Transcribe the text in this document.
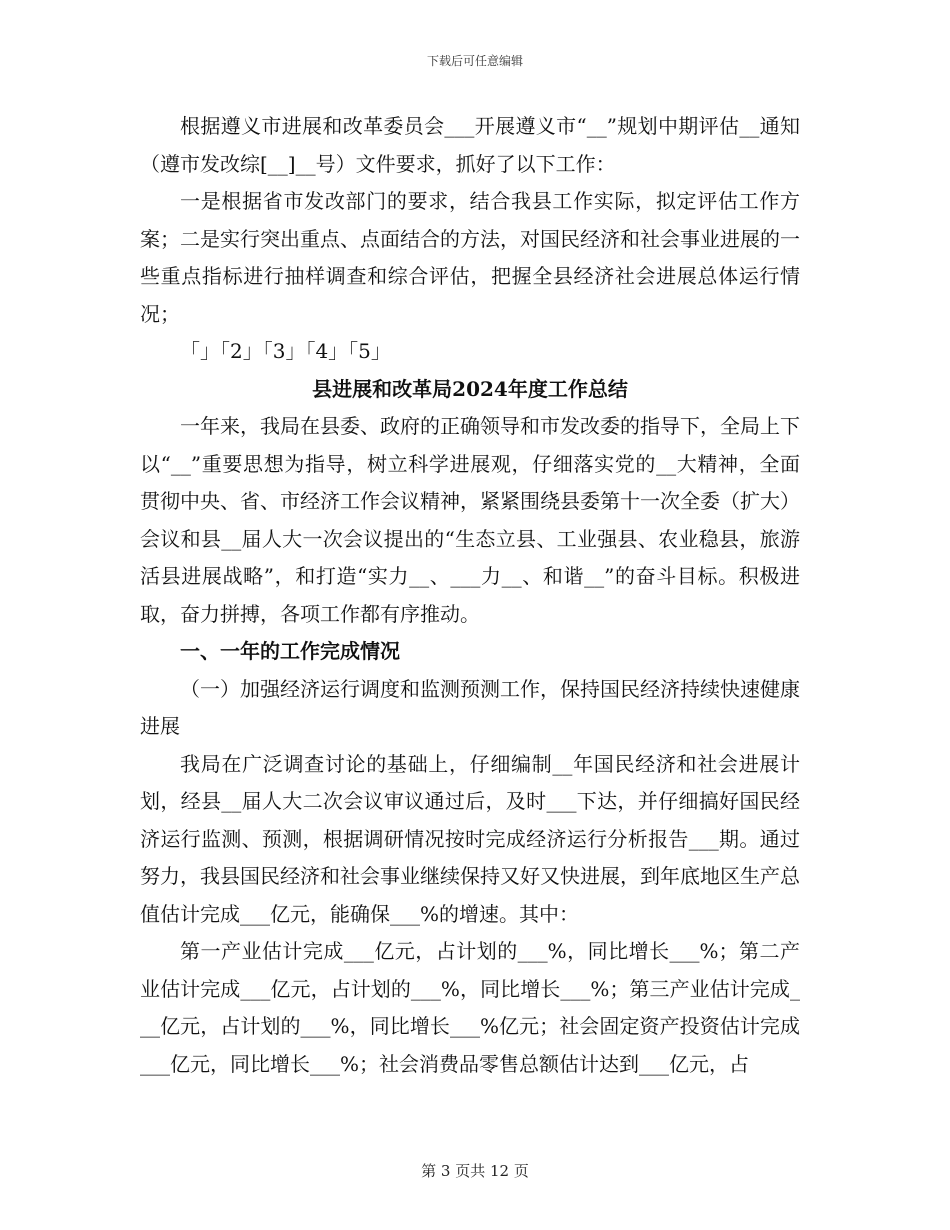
下载后可任意编辑

根据遵义市进展和改革委员会___开展遵义市“__”规划中期评估__通知（遵市发改综[__]__号）文件要求，抓好了以下工作：

一是根据省市发改部门的要求，结合我县工作实际，拟定评估工作方案；二是实行突出重点、点面结合的方法，对国民经济和社会事业进展的一些重点指标进行抽样调查和综合评估，把握全县经济社会进展总体运行情况；

「」「2」「3」「4」「5」

县进展和改革局2024年度工作总结

一年来，我局在县委、政府的正确领导和市发改委的指导下，全局上下以“__”重要思想为指导，树立科学进展观，仔细落实党的__大精神，全面贯彻中央、省、市经济工作会议精神，紧紧围绕县委第十一次全委（扩大）会议和县__届人大一次会议提出的“生态立县、工业强县、农业稳县，旅游活县进展战略”，和打造“实力__、___力__、和谐__”的奋斗目标。积极进取，奋力拼搏，各项工作都有序推动。

一、一年的工作完成情况

（一）加强经济运行调度和监测预测工作，保持国民经济持续快速健康进展

我局在广泛调查讨论的基础上，仔细编制__年国民经济和社会进展计划，经县__届人大二次会议审议通过后，及时___下达，并仔细搞好国民经济运行监测、预测，根据调研情况按时完成经济运行分析报告___期。通过努力，我县国民经济和社会事业继续保持又好又快进展，到年底地区生产总值估计完成___亿元，能确保___%的增速。其中：

第一产业估计完成___亿元，占计划的___%，同比增长___%；第二产业估计完成___亿元，占计划的___%，同比增长___%；第三产业估计完成___亿元，占计划的___%，同比增长___%亿元；社会固定资产投资估计完成___亿元，同比增长___%；社会消费品零售总额估计达到___亿元，占

第 3 页共 12 页
